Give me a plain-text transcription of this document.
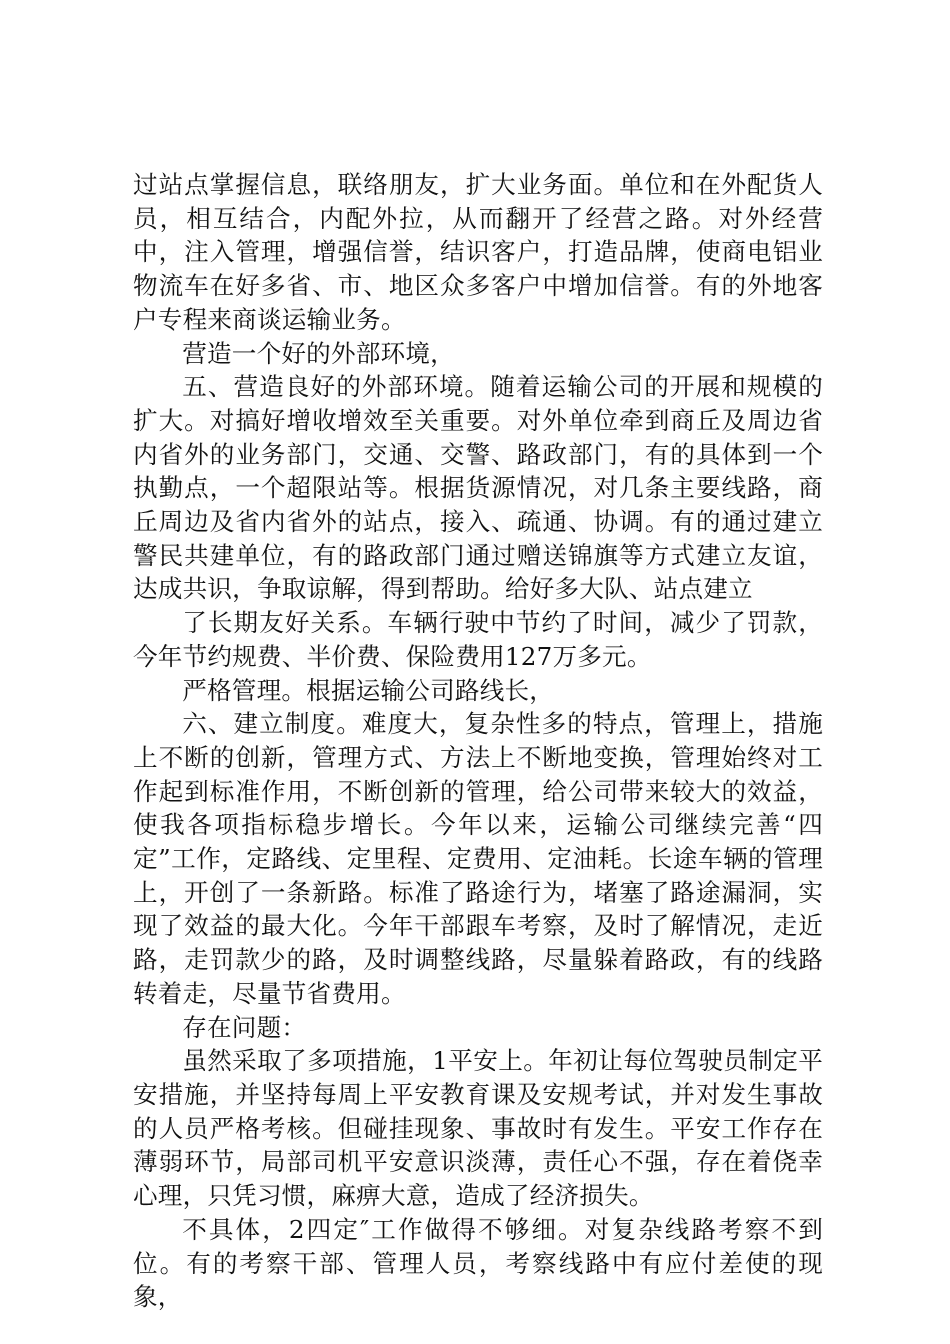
过站点掌握信息，联络朋友，扩大业务面。单位和在外配货人员，相互结合，内配外拉，从而翻开了经营之路。对外经营中，注入管理，增强信誉，结识客户，打造品牌，使商电铝业物流车在好多省、市、地区众多客户中增加信誉。有的外地客户专程来商谈运输业务。

营造一个好的外部环境，

五、营造良好的外部环境。随着运输公司的开展和规模的扩大。对搞好增收增效至关重要。对外单位牵到商丘及周边省内省外的业务部门，交通、交警、路政部门，有的具体到一个执勤点，一个超限站等。根据货源情况，对几条主要线路，商丘周边及省内省外的站点，接入、疏通、协调。有的通过建立警民共建单位，有的路政部门通过赠送锦旗等方式建立友谊，达成共识，争取谅解，得到帮助。给好多大队、站点建立

了长期友好关系。车辆行驶中节约了时间，减少了罚款，今年节约规费、半价费、保险费用127万多元。

严格管理。根据运输公司路线长，

六、建立制度。难度大，复杂性多的特点，管理上，措施上不断的创新，管理方式、方法上不断地变换，管理始终对工作起到标准作用，不断创新的管理，给公司带来较大的效益，使我各项指标稳步增长。今年以来，运输公司继续完善“四定”工作，定路线、定里程、定费用、定油耗。长途车辆的管理上，开创了一条新路。标准了路途行为，堵塞了路途漏洞，实现了效益的最大化。今年干部跟车考察，及时了解情况，走近路，走罚款少的路，及时调整线路，尽量躲着路政，有的线路转着走，尽量节省费用。

存在问题：

虽然采取了多项措施，1平安上。年初让每位驾驶员制定平安措施，并坚持每周上平安教育课及安规考试，并对发生事故的人员严格考核。但碰挂现象、事故时有发生。平安工作存在薄弱环节，局部司机平安意识淡薄，责任心不强，存在着侥幸心理，只凭习惯，麻痹大意，造成了经济损失。

不具体，2四定″工作做得不够细。对复杂线路考察不到位。有的考察干部、管理人员，考察线路中有应付差使的现象，
